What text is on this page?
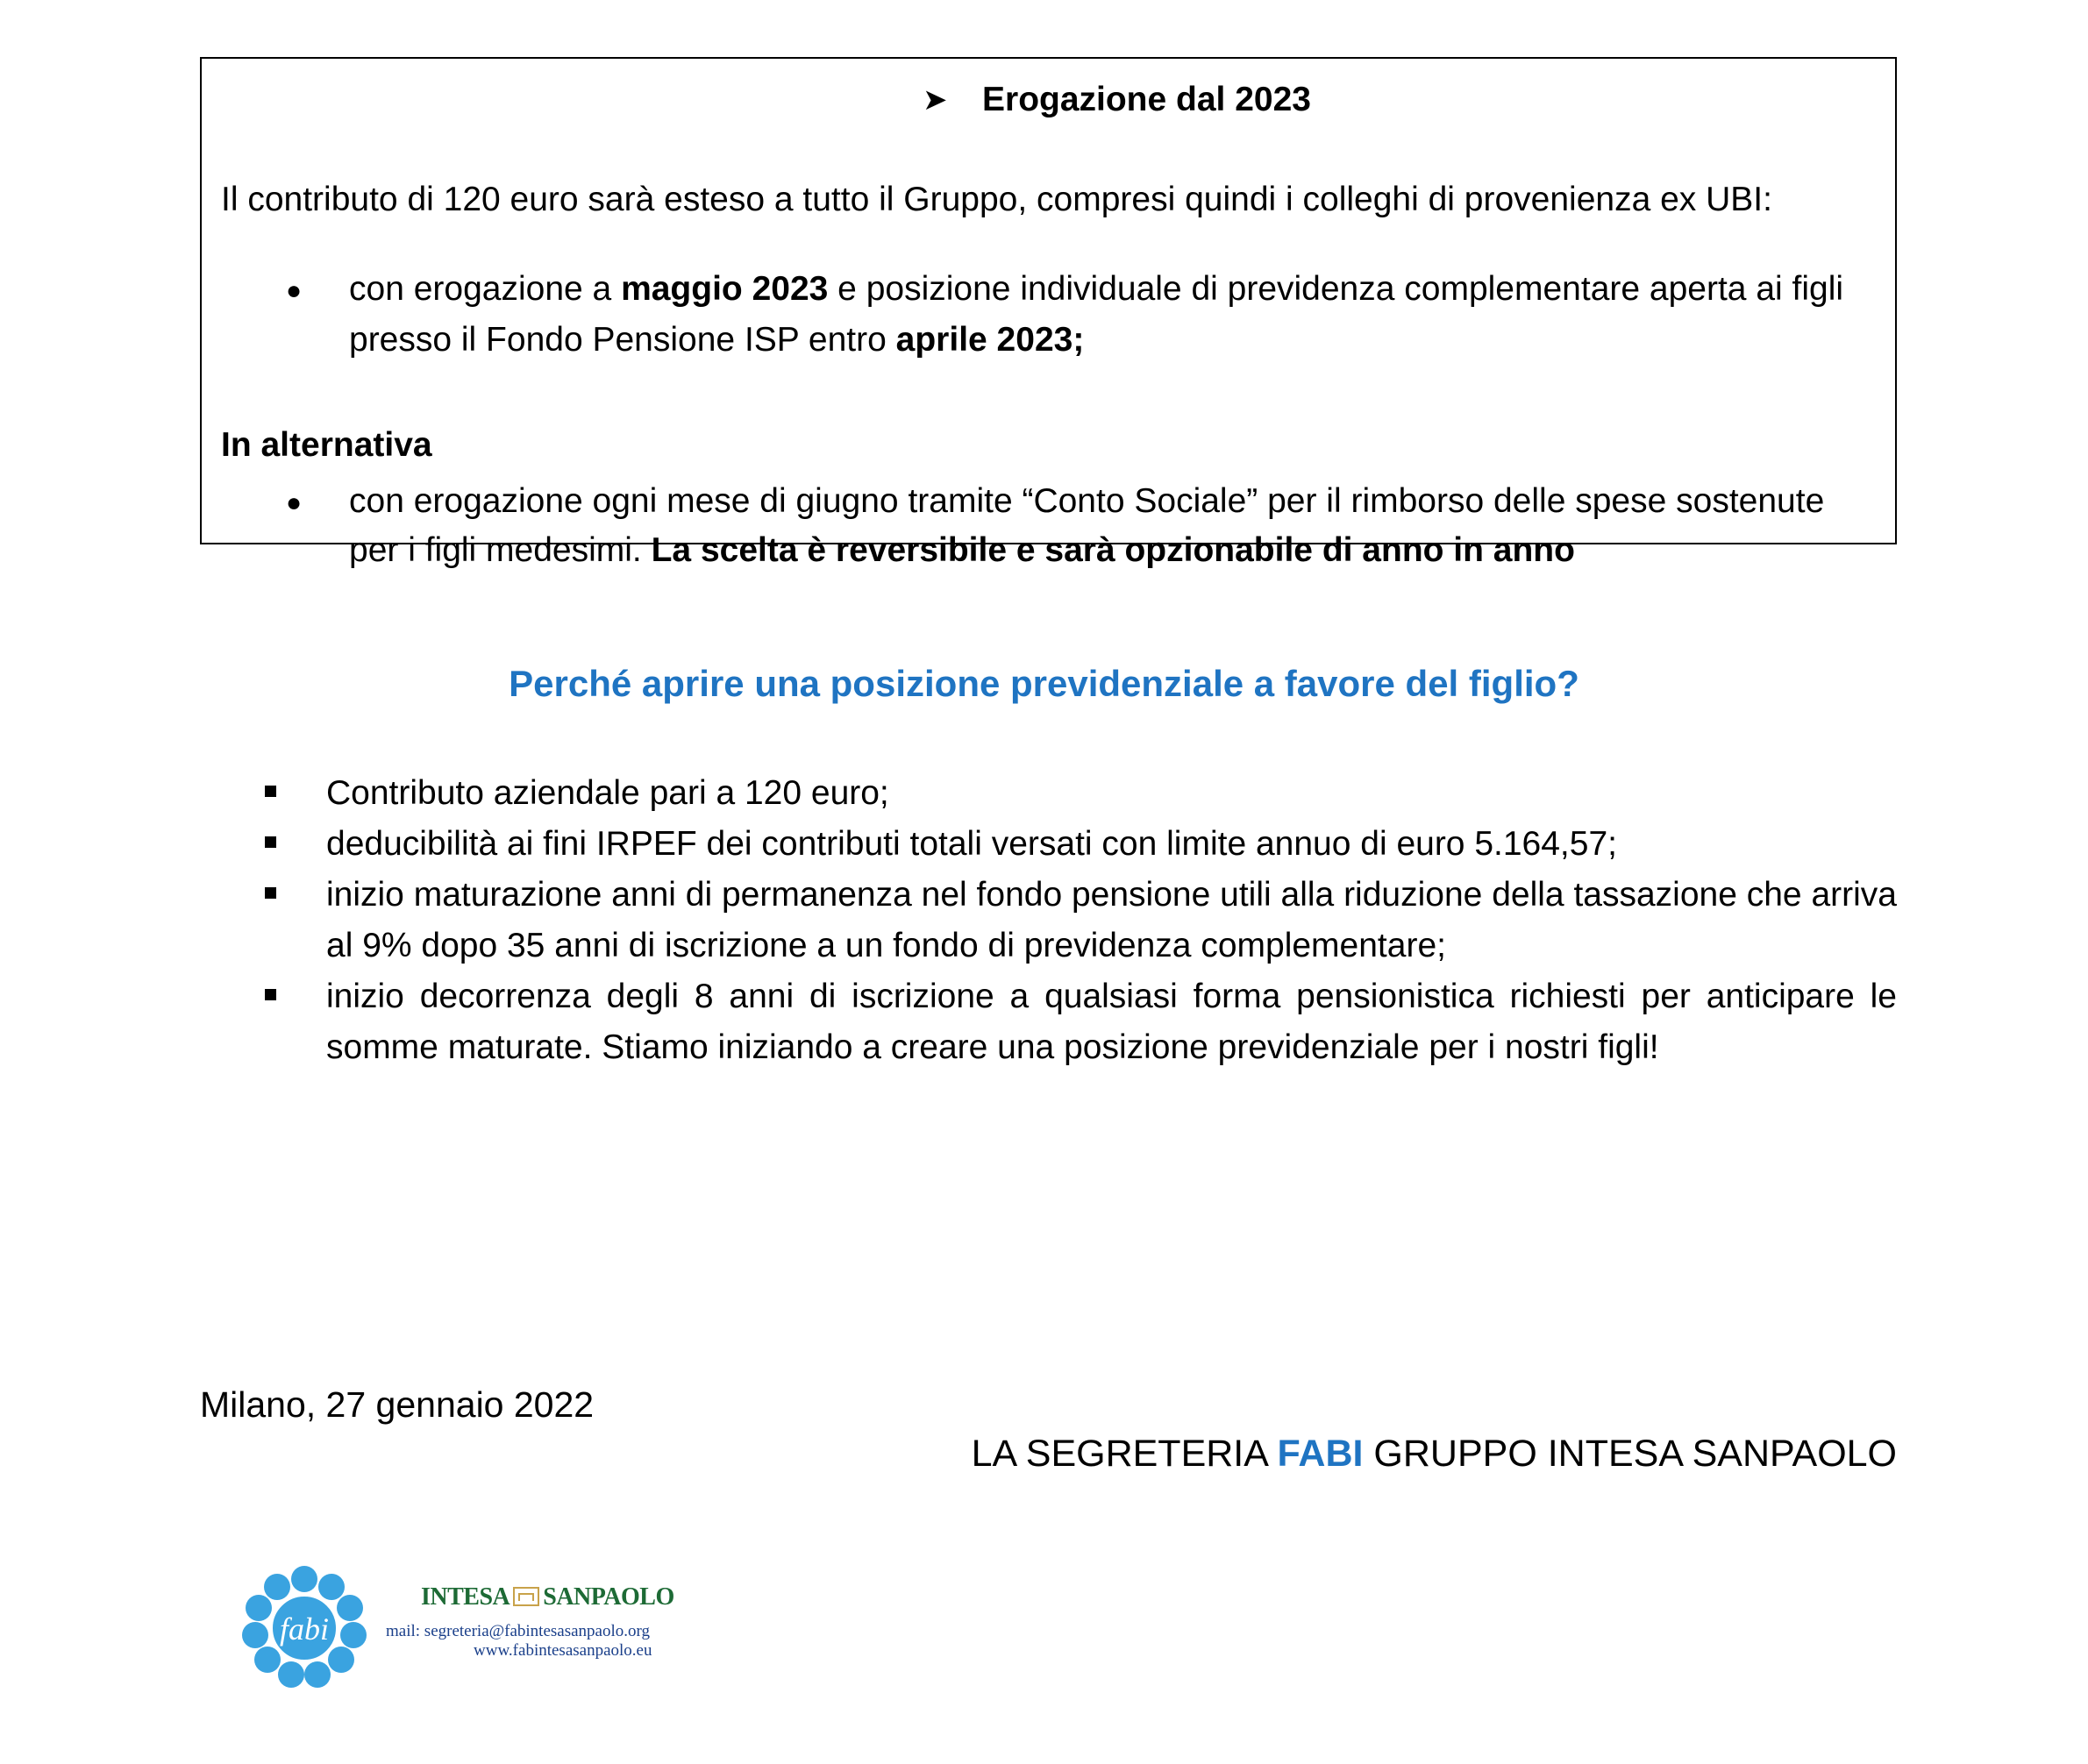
➤ Erogazione dal 2023
Il contributo di 120 euro sarà esteso a tutto il Gruppo, compresi quindi i colleghi di provenienza ex UBI:
● con erogazione a maggio 2023 e posizione individuale di previdenza complementare aperta ai figli
presso il Fondo Pensione ISP entro aprile 2023;
In alternativa
● con erogazione ogni mese di giugno tramite “Conto Sociale” per il rimborso delle spese sostenute
per i figli medesimi. La scelta è reversibile e sarà opzionabile di anno in anno
Perché aprire una posizione previdenziale a favore del figlio?
Contributo aziendale pari a 120 euro;
deducibilità ai fini IRPEF dei contributi totali versati con limite annuo di euro 5.164,57;
inizio maturazione anni di permanenza nel fondo pensione utili alla riduzione della tassazione che arriva al 9% dopo 35 anni di iscrizione a un fondo di previdenza complementare;
inizio decorrenza degli 8 anni di iscrizione a qualsiasi forma pensionistica richiesti per anticipare le somme maturate. Stiamo iniziando a creare una posizione previdenziale per i nostri figli!
Milano, 27 gennaio 2022
LA SEGRETERIA FABI GRUPPO INTESA SANPAOLO
fabi
INTESA SANPAOLO
mail: segreteria@fabintesasanpaolo.org
www.fabintesasanpaolo.eu
